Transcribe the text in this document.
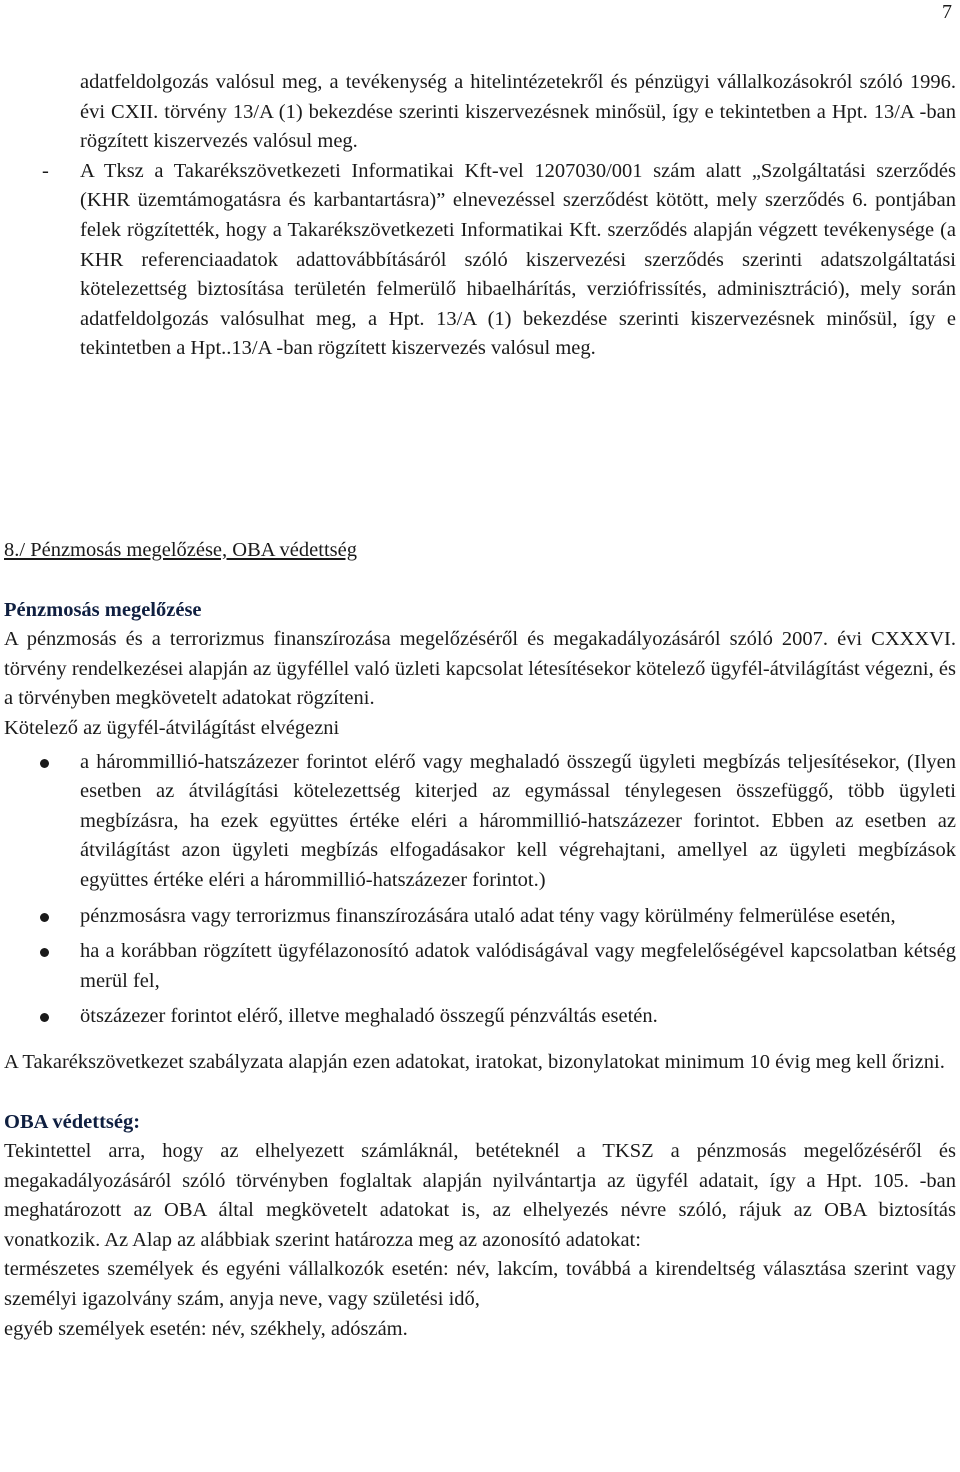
7

adatfeldolgozás valósul meg, a tevékenység a hitelintézetekről és pénzügyi vállalkozásokról szóló 1996. évi CXII. törvény 13/A (1) bekezdése szerinti kiszervezésnek minősül, így e tekintetben a Hpt. 13/A -ban rögzített kiszervezés valósul meg.

- A Tksz a Takarékszövetkezeti Informatikai Kft-vel 1207030/001 szám alatt „Szolgáltatási szerződés (KHR üzemtámogatásra és karbantartásra)” elnevezéssel szerződést kötött, mely szerződés 6. pontjában felek rögzítették, hogy a Takarékszövetkezeti Informatikai Kft. szerződés alapján végzett tevékenysége (a KHR referenciaadatok adattovábbításáról szóló kiszervezési szerződés szerinti adatszolgáltatási kötelezettség biztosítása területén felmerülő hibaelhárítás, verziófrissítés, adminisztráció), mely során adatfeldolgozás valósulhat meg, a Hpt. 13/A (1) bekezdése szerinti kiszervezésnek minősül, így e tekintetben a Hpt..13/A -ban rögzített kiszervezés valósul meg.

8./ Pénzmosás megelőzése, OBA védettség

Pénzmosás megelőzése

A pénzmosás és a terrorizmus finanszírozása megelőzéséről és megakadályozásáról szóló 2007. évi CXXXVI. törvény rendelkezései alapján az ügyféllel való üzleti kapcsolat létesítésekor kötelező ügyfél-átvilágítást végezni, és a törvényben megkövetelt adatokat rögzíteni.

Kötelező az ügyfél-átvilágítást elvégezni

a hárommillió-hatszázezer forintot elérő vagy meghaladó összegű ügyleti megbízás teljesítésekor, (Ilyen esetben az átvilágítási kötelezettség kiterjed az egymással ténylegesen összefüggő, több ügyleti megbízásra, ha ezek együttes értéke eléri a hárommillió-hatszázezer forintot. Ebben az esetben az átvilágítást azon ügyleti megbízás elfogadásakor kell végrehajtani, amellyel az ügyleti megbízások együttes értéke eléri a hárommillió-hatszázezer forintot.)
pénzmosásra vagy terrorizmus finanszírozására utaló adat tény vagy körülmény felmerülése esetén,
ha a korábban rögzített ügyfélazonosító adatok valódiságával vagy megfelelőségével kapcsolatban kétség merül fel,
ötszázezer forintot elérő, illetve meghaladó összegű pénzváltás esetén.

A Takarékszövetkezet szabályzata alapján ezen adatokat, iratokat, bizonylatokat minimum 10 évig meg kell őrizni.

OBA védettség:

Tekintettel arra, hogy az elhelyezett számláknál, betéteknél a TKSZ a pénzmosás megelőzéséről és megakadályozásáról szóló törvényben foglaltak alapján nyilvántartja az ügyfél adatait, így a Hpt. 105. -ban meghatározott az OBA által megkövetelt adatokat is, az elhelyezés névre szóló, rájuk az OBA biztosítás vonatkozik. Az Alap az alábbiak szerint határozza meg az azonosító adatokat:

természetes személyek és egyéni vállalkozók esetén: név, lakcím, továbbá a kirendeltség választása szerint vagy személyi igazolvány szám, anyja neve, vagy születési idő,

egyéb személyek esetén: név, székhely, adószám.
